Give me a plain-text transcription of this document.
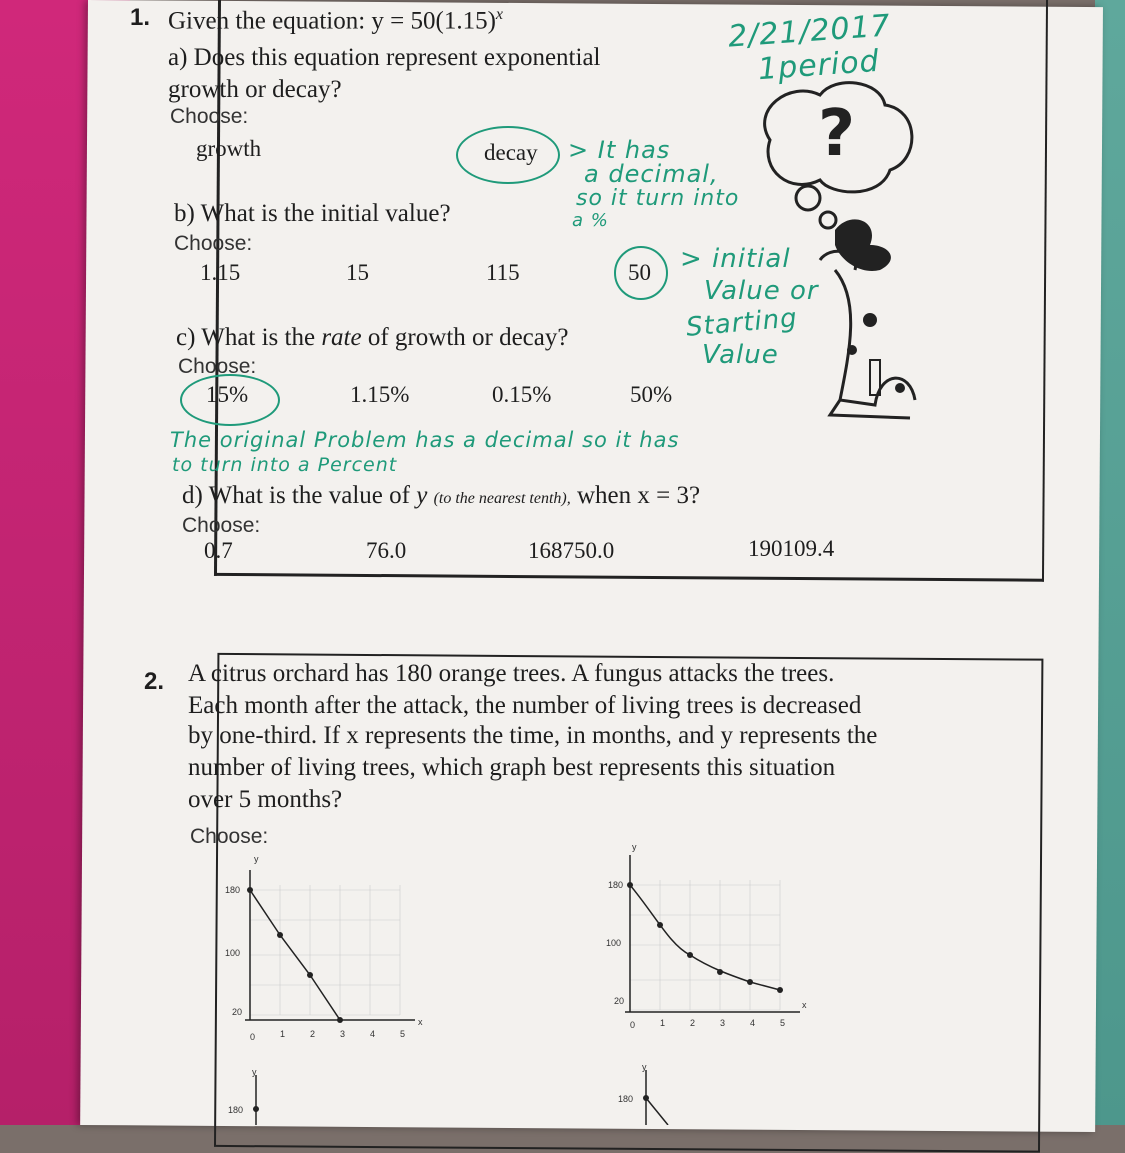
1. Given the equation: $y = 50(1.15)^x$
a) Does this equation represent exponential
growth or decay?
Choose:
growth	decay
b) What is the initial value?
Choose:
1.15	15	115	50
c) What is the rate of growth or decay?
Choose:
15%	1.15%	0.15%	50%
d) What is the value of y (to the nearest tenth), when x = 3?
Choose:
0.7	76.0	168750.0	190109.4
2/21/2017
1period
> It has
a decimal,
so it turn into
a %
> initial
Value or
Starting
Value
The original Problem has a decimal so it has
to turn into a Percent
?
2. A citrus orchard has 180 orange trees. A fungus attacks the trees.
Each month after the attack, the number of living trees is decreased
by one-third. If x represents the time, in months, and y represents the
number of living trees, which graph best represents this situation
over 5 months?
Choose:
y
x
180
100
20
0	1	2	3	4	5
y
x
180
100
20
0	1	2	3	4	5
y
180
y
180
